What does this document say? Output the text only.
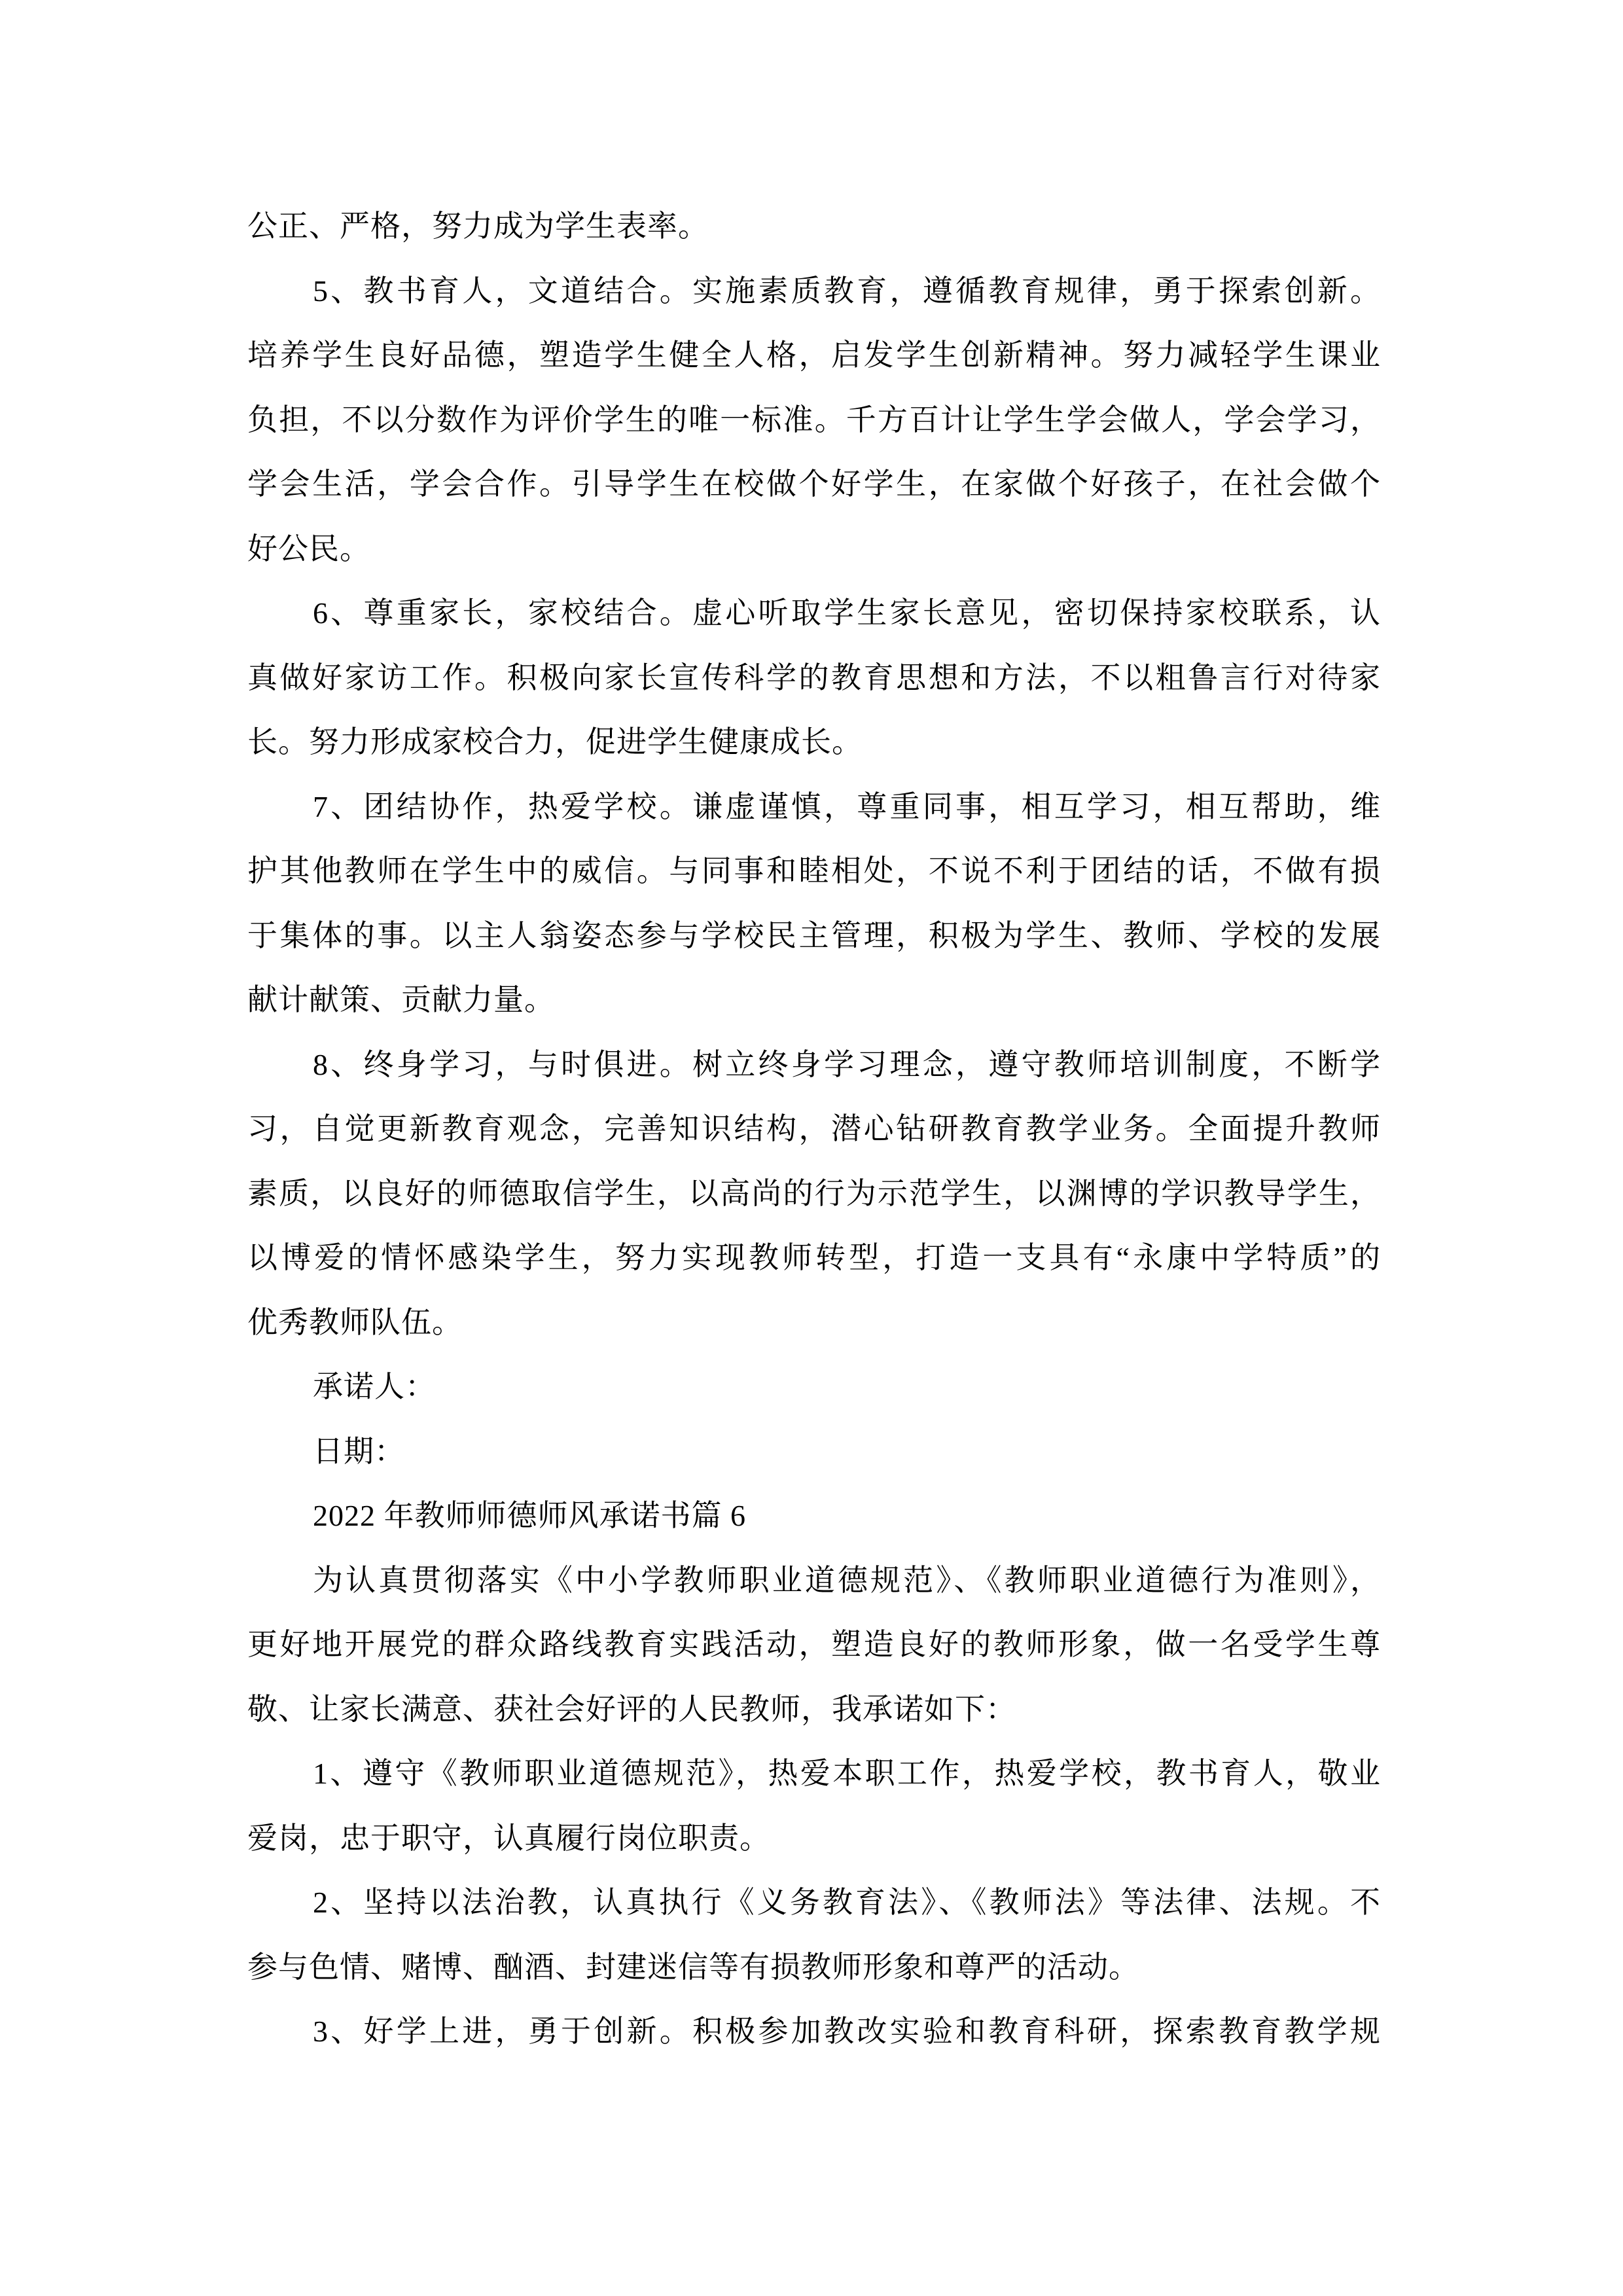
公正、严格，努力成为学生表率。
5、教书育人，文道结合。实施素质教育，遵循教育规律，勇于探索创新。
培养学生良好品德，塑造学生健全人格，启发学生创新精神。努力减轻学生课业
负担，不以分数作为评价学生的唯一标准。千方百计让学生学会做人，学会学习，
学会生活，学会合作。引导学生在校做个好学生，在家做个好孩子，在社会做个
好公民。
6、尊重家长，家校结合。虚心听取学生家长意见，密切保持家校联系，认
真做好家访工作。积极向家长宣传科学的教育思想和方法，不以粗鲁言行对待家
长。努力形成家校合力，促进学生健康成长。
7、团结协作，热爱学校。谦虚谨慎，尊重同事，相互学习，相互帮助，维
护其他教师在学生中的威信。与同事和睦相处，不说不利于团结的话，不做有损
于集体的事。以主人翁姿态参与学校民主管理，积极为学生、教师、学校的发展
献计献策、贡献力量。
8、终身学习，与时俱进。树立终身学习理念，遵守教师培训制度，不断学
习，自觉更新教育观念，完善知识结构，潜心钻研教育教学业务。全面提升教师
素质，以良好的师德取信学生，以高尚的行为示范学生，以渊博的学识教导学生，
以博爱的情怀感染学生，努力实现教师转型，打造一支具有“永康中学特质”的
优秀教师队伍。
承诺人：
日期：
2022 年教师师德师风承诺书篇 6
为认真贯彻落实《中小学教师职业道德规范》、《教师职业道德行为准则》，
更好地开展党的群众路线教育实践活动，塑造良好的教师形象，做一名受学生尊
敬、让家长满意、获社会好评的人民教师，我承诺如下：
1、遵守《教师职业道德规范》，热爱本职工作，热爱学校，教书育人，敬业
爱岗，忠于职守，认真履行岗位职责。
2、坚持以法治教，认真执行《义务教育法》、《教师法》等法律、法规。不
参与色情、赌博、酗酒、封建迷信等有损教师形象和尊严的活动。
3、好学上进，勇于创新。积极参加教改实验和教育科研，探索教育教学规
